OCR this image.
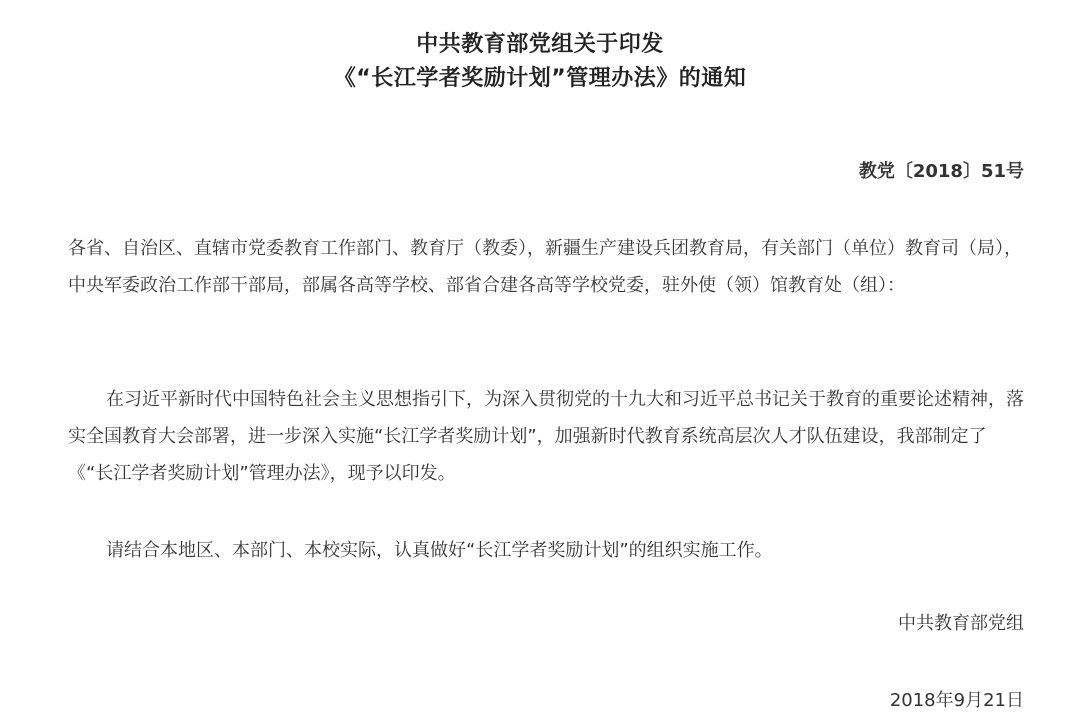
中共教育部党组关于印发
《“长江学者奖励计划”管理办法》的通知
教党〔2018〕51号
各省、自治区、直辖市党委教育工作部门、教育厅（教委），新疆生产建设兵团教育局，有关部门（单位）教育司（局），中央军委政治工作部干部局，部属各高等学校、部省合建各高等学校党委，驻外使（领）馆教育处（组）：
在习近平新时代中国特色社会主义思想指引下，为深入贯彻党的十九大和习近平总书记关于教育的重要论述精神，落实全国教育大会部署，进一步深入实施“长江学者奖励计划”，加强新时代教育系统高层次人才队伍建设，我部制定了《“长江学者奖励计划”管理办法》，现予以印发。
请结合本地区、本部门、本校实际，认真做好“长江学者奖励计划”的组织实施工作。
中共教育部党组
2018年9月21日
